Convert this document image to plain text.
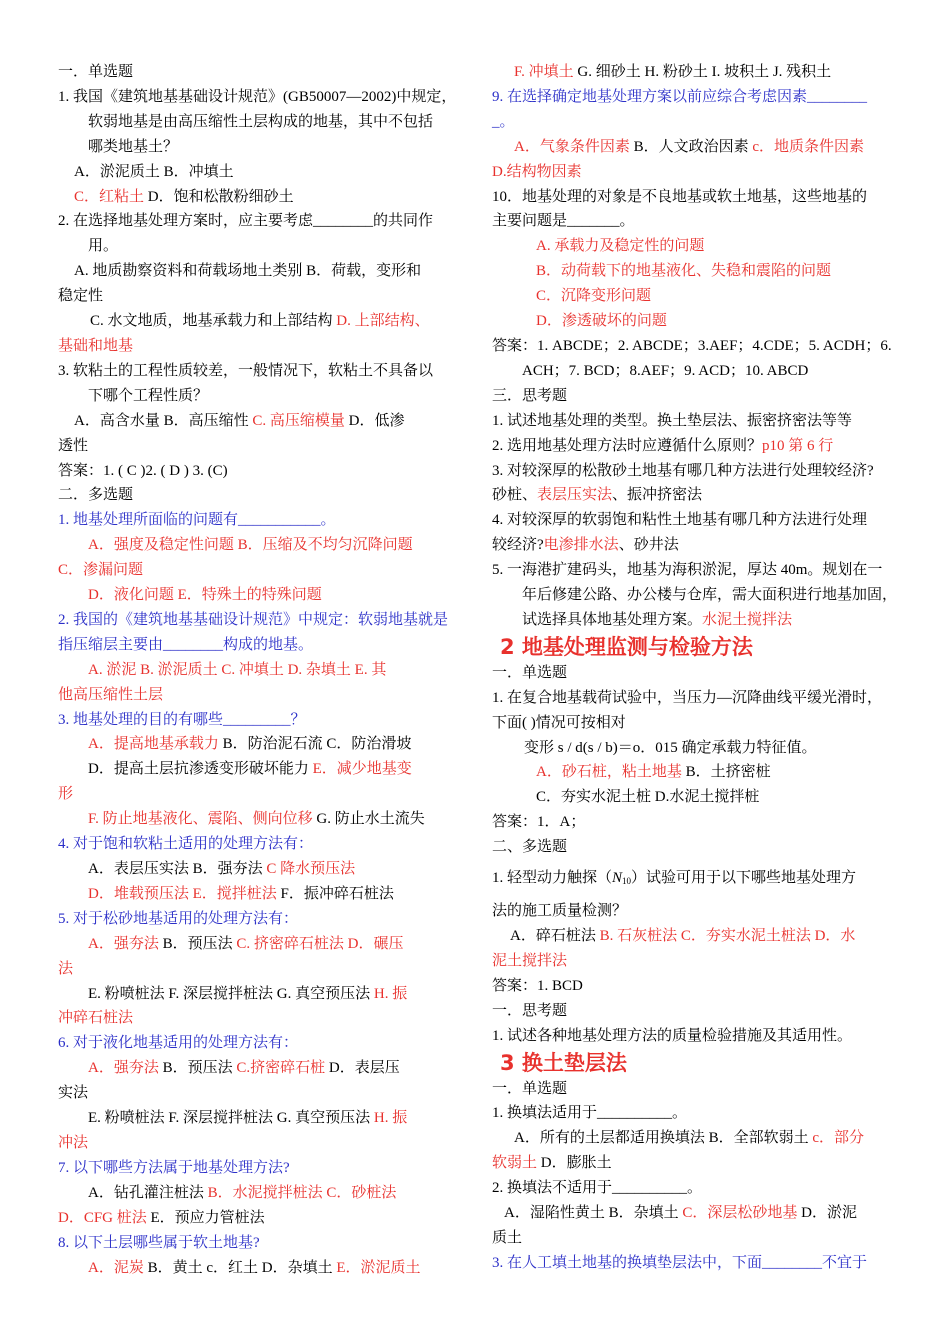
一．单选题
1. 我国《建筑地基基础设计规范》(GB50007—2002)中规定，
软弱地基是由高压缩性土层构成的地基，其中不包括
哪类地基土？
A．淤泥质土 B．冲填土
C．红粘土 D．饱和松散粉细砂土
2. 在选择地基处理方案时，应主要考虑________的共同作
用。
A. 地质勘察资料和荷载场地土类别 B．荷载，变形和
稳定性
C. 水文地质，地基承载力和上部结构 D. 上部结构、
基础和地基
3. 软粘土的工程性质较差，一般情况下，软粘土不具备以
下哪个工程性质？
A．高含水量 B．高压缩性 C. 高压缩模量 D．低渗
透性
答案：1. ( C )2. ( D ) 3. (C)
二．多选题
1. 地基处理所面临的问题有___________。
A．强度及稳定性问题 B．压缩及不均匀沉降问题
C．渗漏问题
D．液化问题 E．特殊土的特殊问题
2. 我国的《建筑地基基础设计规范》中规定：软弱地基就是
指压缩层主要由________构成的地基。
A. 淤泥 B. 淤泥质土 C. 冲填土 D. 杂填土 E. 其
他高压缩性土层
3. 地基处理的目的有哪些_________？
A．提高地基承载力 B．防治泥石流 C．防治滑坡
D．提高土层抗渗透变形破坏能力 E．减少地基变
形
F. 防止地基液化、震陷、侧向位移 G. 防止水土流失
4. 对于饱和软粘土适用的处理方法有：
A．表层压实法 B．强夯法 C 降水预压法
D．堆载预压法 E．搅拌桩法 F．振冲碎石桩法
5. 对于松砂地基适用的处理方法有：
A．强夯法 B．预压法 C. 挤密碎石桩法 D．碾压
法
E. 粉喷桩法 F. 深层搅拌桩法 G. 真空预压法 H. 振
冲碎石桩法
6. 对于液化地基适用的处理方法有：
A．强夯法 B．预压法 C.挤密碎石桩 D．表层压
实法
E. 粉喷桩法 F. 深层搅拌桩法 G. 真空预压法 H. 振
冲法
7. 以下哪些方法属于地基处理方法?
A．钻孔灌注桩法 B．水泥搅拌桩法 C．砂桩法
D．CFG 桩法 E．预应力管桩法
8. 以下土层哪些属于软土地基?
A．泥炭 B．黄土 c．红土 D．杂填土 E．淤泥质土
F. 冲填土 G. 细砂土 H. 粉砂土 I. 坡积土 J. 残积土
9. 在选择确定地基处理方案以前应综合考虑因素________
_。
A．气象条件因素 B．人文政治因素 c．地质条件因素
D.结构物因素
10．地基处理的对象是不良地基或软土地基，这些地基的
主要问题是_______。
A. 承载力及稳定性的问题
B．动荷载下的地基液化、失稳和震陷的问题
C．沉降变形问题
D．渗透破坏的问题
答案：1. ABCDE；2. ABCDE；3.AEF；4.CDE；5. ACDH；6.
ACH；7. BCD；8.AEF；9. ACD；10. ABCD
三．思考题
1. 试述地基处理的类型。换土垫层法、振密挤密法等等
2. 选用地基处理方法时应遵循什么原则？p10 第 6 行
3. 对较深厚的松散砂土地基有哪几种方法进行处理较经济?
砂桩、表层压实法、振冲挤密法
4. 对较深厚的软弱饱和粘性土地基有哪几种方法进行处理
较经济?电渗排水法、砂井法
5. 一海港扩建码头，地基为海积淤泥，厚达 40m。规划在一
年后修建公路、办公楼与仓库，需大面积进行地基加固，
试选择具体地基处理方案。水泥土搅拌法
2 地基处理监测与检验方法
一．单选题
1. 在复合地基载荷试验中，当压力—沉降曲线平缓光滑时，
下面( )情况可按相对
变形 s / d(s / b)＝o．015 确定承载力特征值。
A．砂石桩，粘土地基 B．土挤密桩
C．夯实水泥土桩 D.水泥土搅拌桩
答案：1．A；
二、多选题
1. 轻型动力触探$(N_{10})$试验可用于以下哪些地基处理方
法的施工质量检测？
A．碎石桩法 B. 石灰桩法 C．夯实水泥土桩法 D．水
泥土搅拌法
答案：1. BCD
一．思考题
1. 试述各种地基处理方法的质量检验措施及其适用性。
3 换土垫层法
一．单选题
1. 换填法适用于__________。
A．所有的土层都适用换填法 B．全部软弱土 c．部分
软弱土 D．膨胀土
2. 换填法不适用于__________。
A．湿陷性黄土 B．杂填土 C．深层松砂地基 D．淤泥
质土
3. 在人工填土地基的换填垫层法中，下面________不宜于
